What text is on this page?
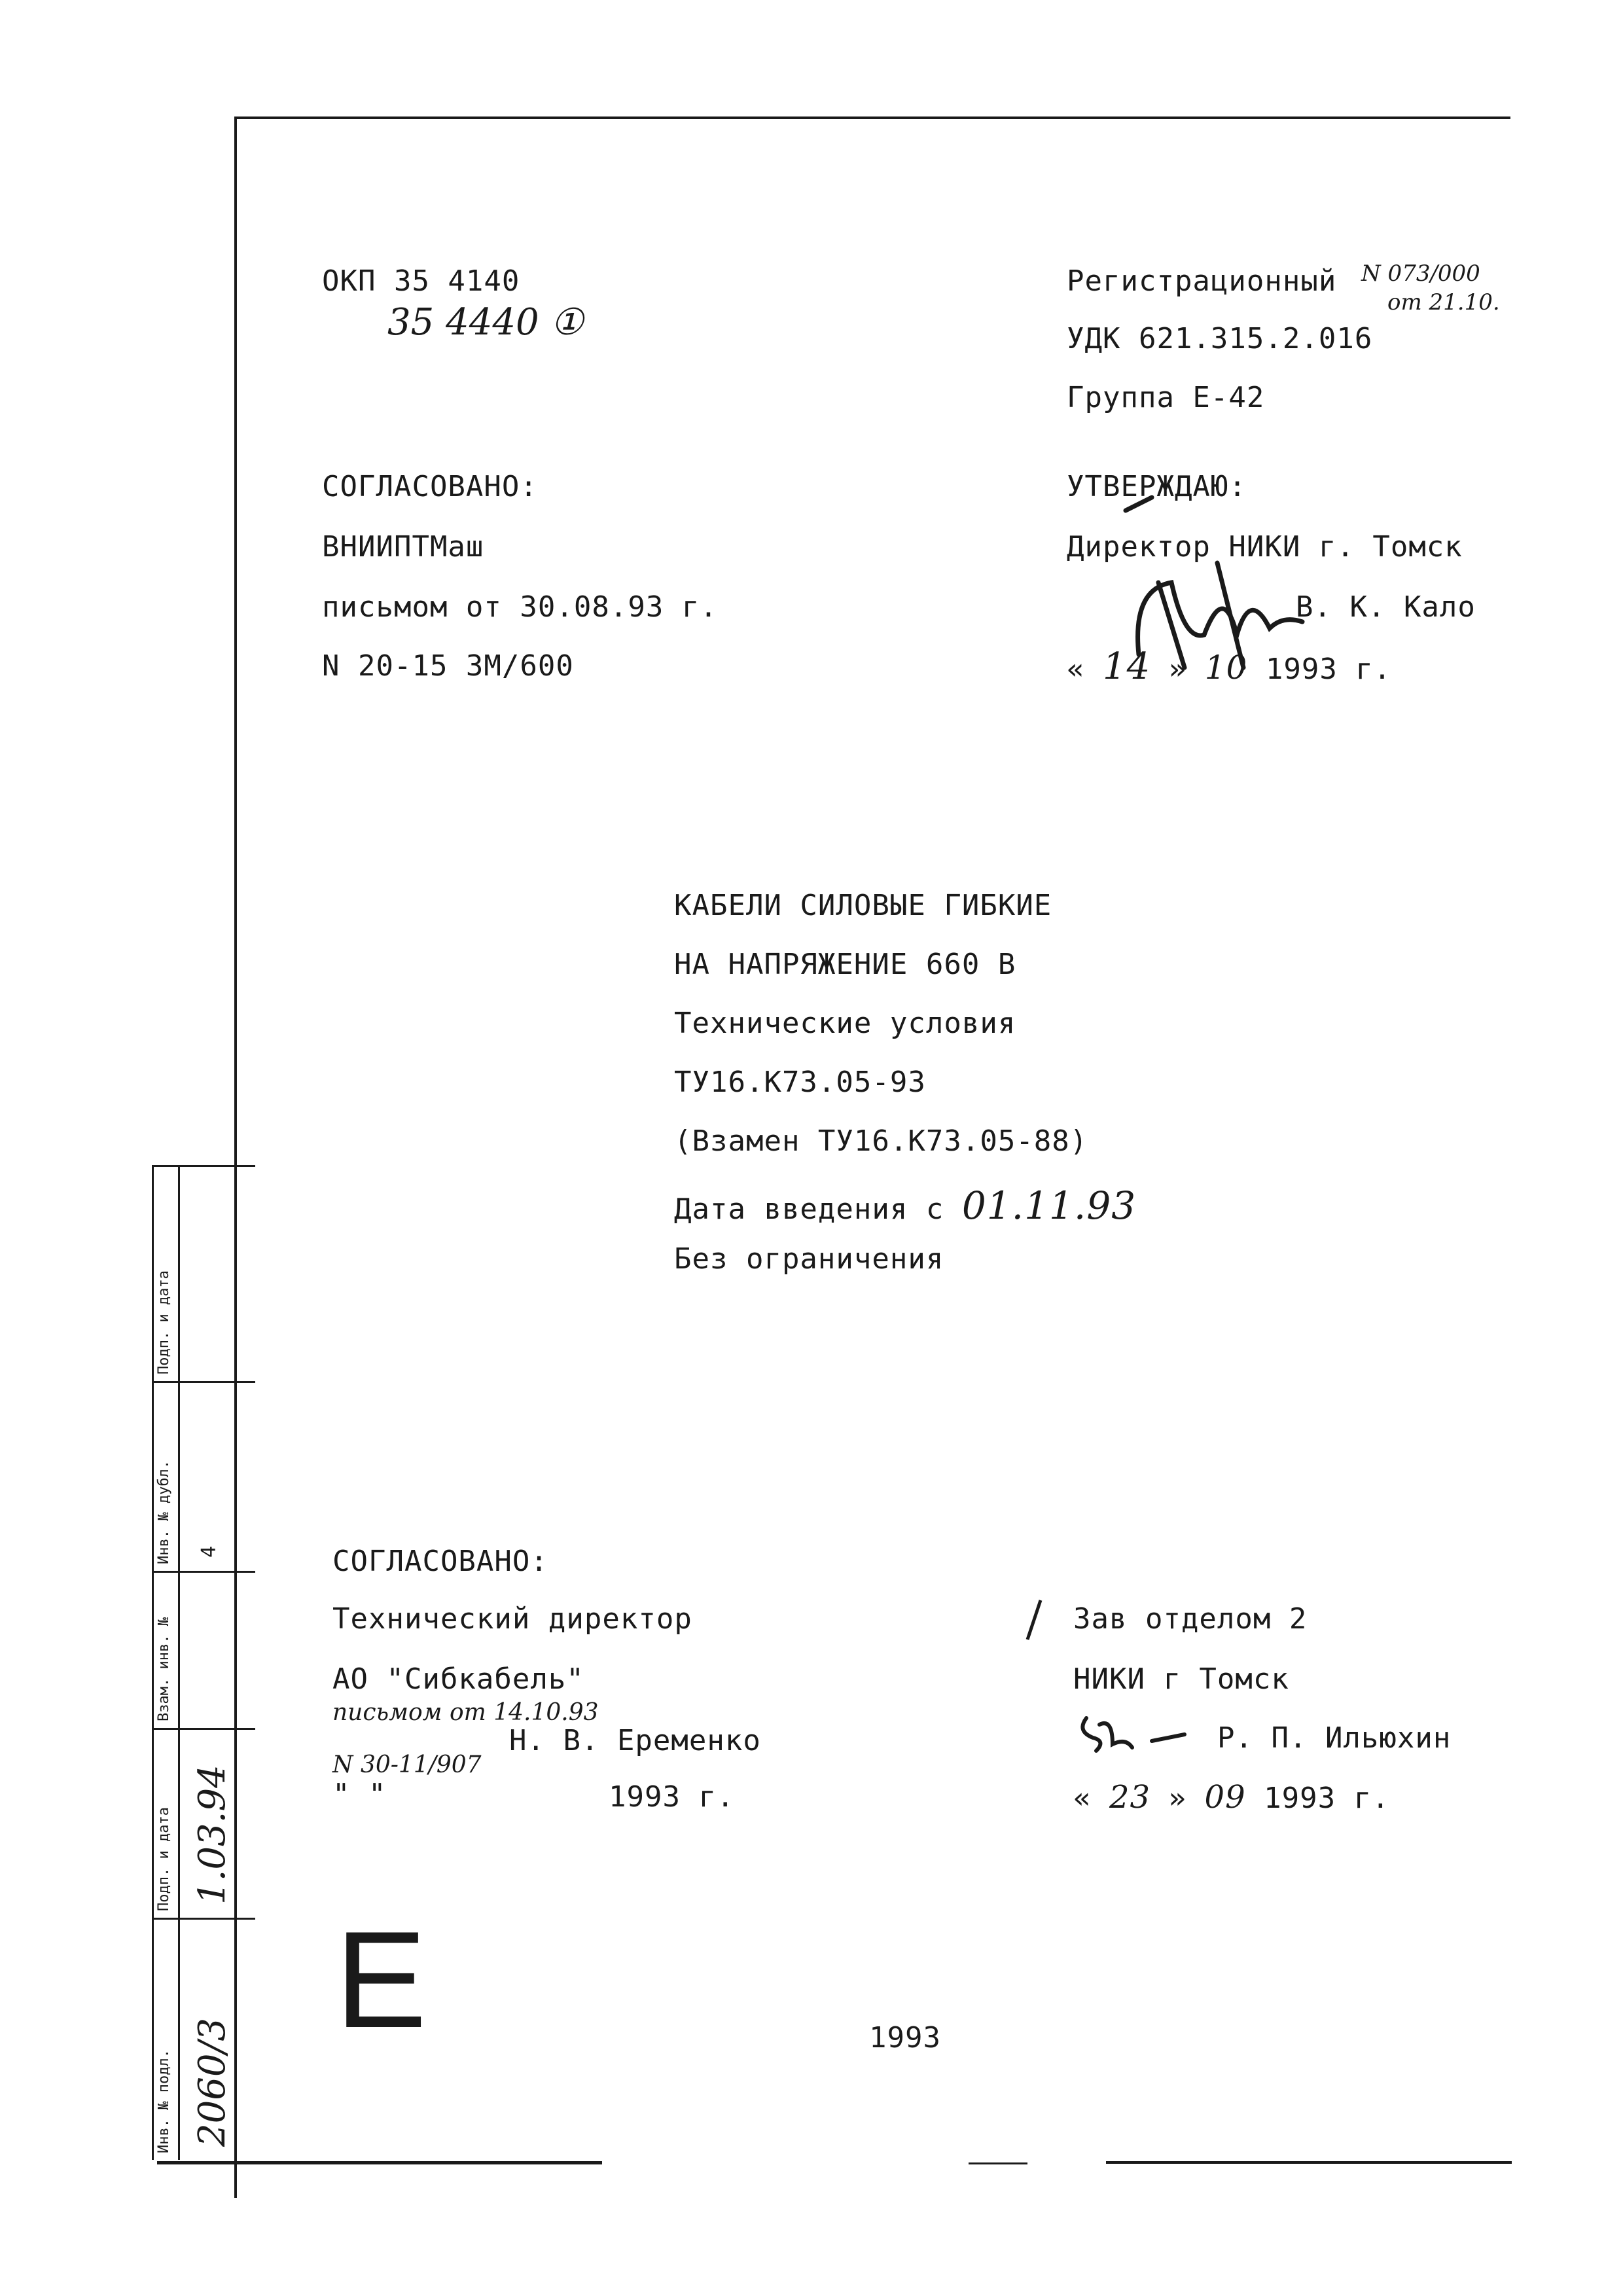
Инв. № подл.
Подп. и дата
Взам. инв. №
Инв. № дубл.
Подп. и дата
2060/3
1.03.94
4
ОКП 35 4140
35 4440 ①
Регистрационный N 073/000
от 21.10.
УДК 621.315.2.016
Группа Е-42
СОГЛАСОВАНО:
ВНИИПТМаш
письмом от 30.08.93 г.
N 20-15 ЗМ/600
УТВЕРЖДАЮ:
Директор НИКИ г. Томск
В. К. Кало
« 14 » 10 1993 г.
КАБЕЛИ СИЛОВЫЕ ГИБКИЕ
НА НАПРЯЖЕНИЕ 660 В
Технические условия
ТУ16.К73.05-93
(Взамен ТУ16.К73.05-88)
Дата введения с 01.11.93
Без ограничения
СОГЛАСОВАНО:
Технический директор
АО "Сибкабель"
письмом от 14.10.93
Н. В. Еременко
N 30-11/907
" "	1993 г.
Зав отделом 2
НИКИ г Томск
Р. П. Ильюхин
« 23 » 09 1993 г.
Е	1993
